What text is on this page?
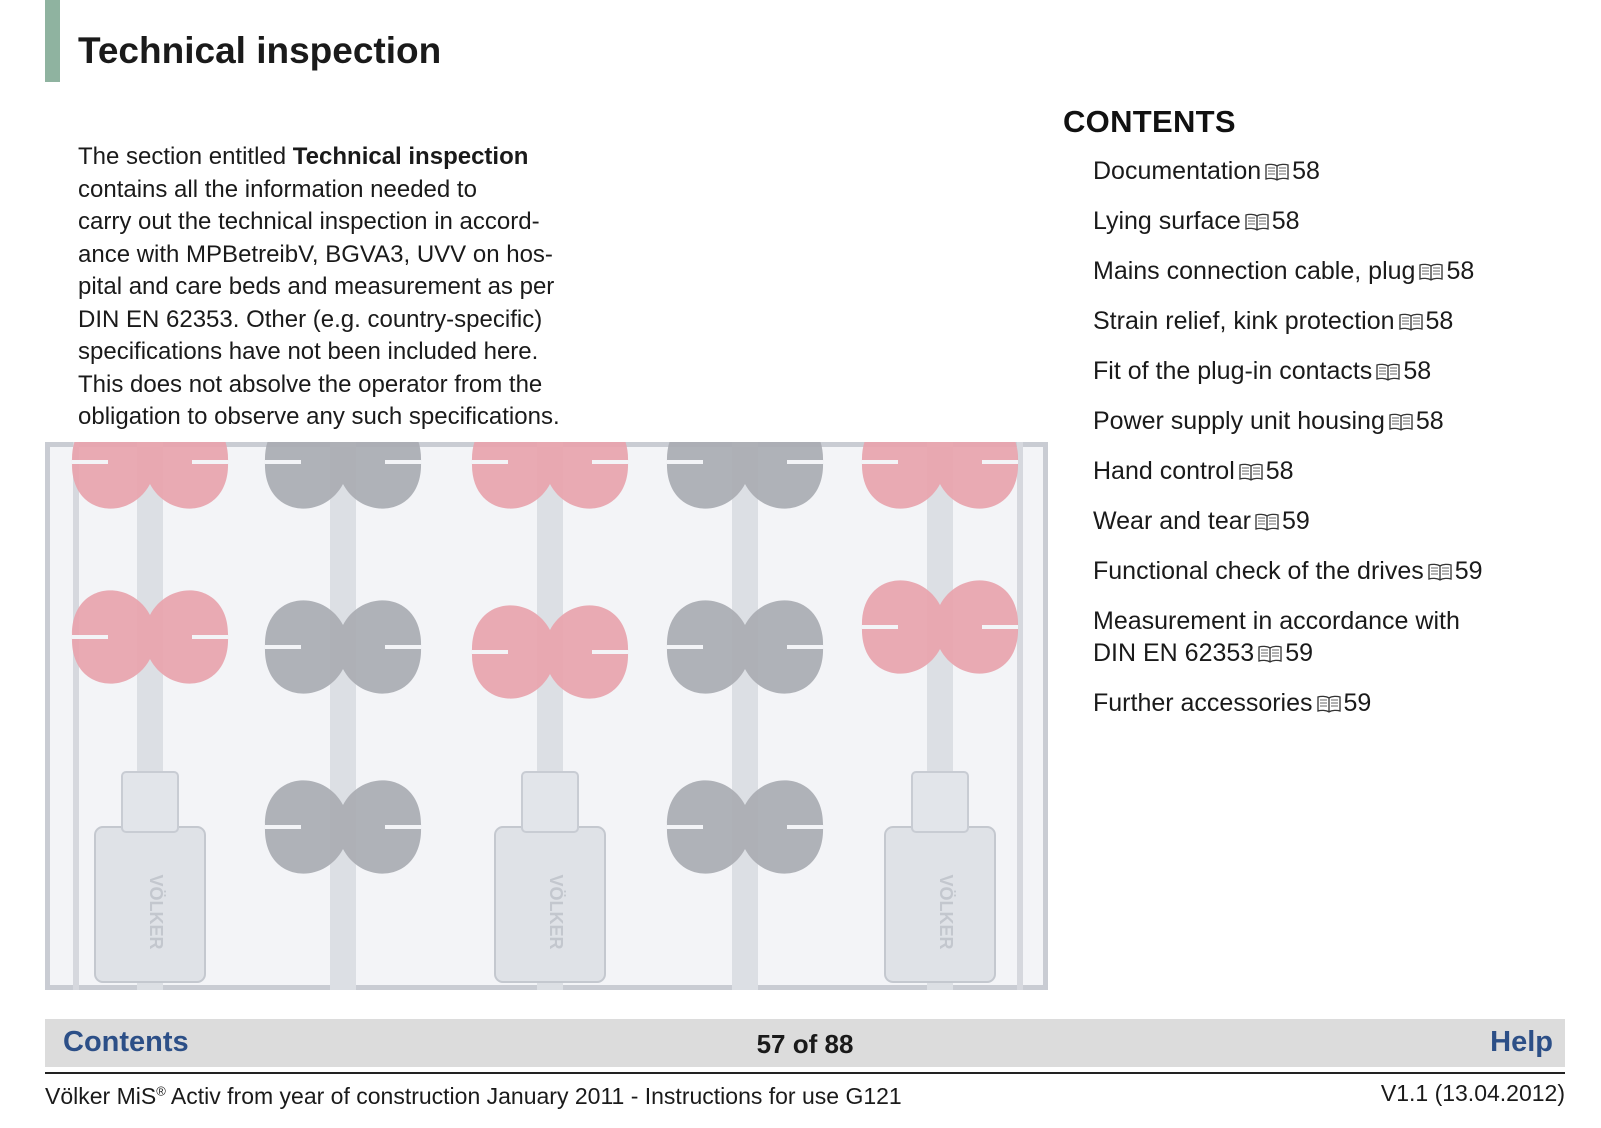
Technical inspection
The section entitled Technical inspection
contains all the information needed to
carry out the technical inspection in accord-
ance with MPBetreibV, BGVA3, UVV on hos-
pital and care beds and measurement as per
DIN EN 62353. Other (e.g. country-specific)
specifications have not been included here.
This does not absolve the operator from the
obligation to observe any such specifications.
VÖLKER	VÖLKER	VÖLKER
CONTENTS
Documentation 58
Lying surface 58
Mains connection cable, plug 58
Strain relief, kink protection 58
Fit of the plug-in contacts 58
Power supply unit housing 58
Hand control 58
Wear and tear 59
Functional check of the drives 59
Measurement in accordance with
DIN EN 62353 59
Further accessories 59
Contents	57 of 88	Help
Völker MiS® Activ from year of construction January 2011 - Instructions for use G121	V1.1 (13.04.2012)
